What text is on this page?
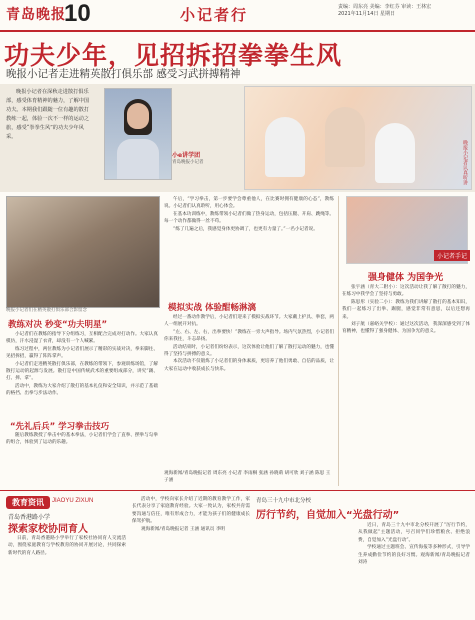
青岛晚报
10	小记者行	责编：周东亮 美编：李红芬 审读：王林宏
2021年11月14日 星期日
功夫少年，见招拆招拳拳生风
晚报小记者走进精英散打俱乐部 感受习武拼搏精神
晚报小记者在深秋走进散打俱乐部，感受体育精神的魅力，了解中国功夫。本期我们跟随一位有趣的散打教练一起，体验一次不一样的运动之旅，感受“拳拳生风”的功夫少年风采。
小e讲学团
青岛晚报小记者	晚报小记者认真听讲
晚报小记者们在精英散打俱乐部合影留念
教练对决 秒变“功夫明星”

小记者们在教练的指导下分组练习，互相配合完成对打动作。大家认真模仿，汗水浸湿了衣背，却没有一个人喊累。

练习过程中，两位教练为小记者们展示了精彩的实战对决，拳来脚往、见招拆招，赢得了阵阵掌声。

小记者们走进精英散打俱乐部，在教练的带领下，参观训练场馆，了解散打运动的起源与发展。散打是中国传统武术的重要组成部分，讲究“踢、打、摔、拿”。

活动中，教练为大家介绍了散打的基本礼仪和安全知识，并示范了基础的格挡、出拳与步法动作。

“先礼后兵” 学习拳击技巧

随后教练教授了拳击中的基本拳法，小记者们学会了直拳、摆拳与勾拳的组合，体验到了运动的乐趣。

午后，“学习拳击，第一步要学会尊重他人，在比赛时拥有健康的心态”，教练说。小记者们认真聆听，用心体会。

在基本功训练中，教练带领小记者们做了热身运动，包括压腿、开肩、跳绳等。每一个动作都做得一丝不苟。

“练了几遍之后，我感觉身体更协调了，也更有力量了。”一名小记者说。

模拟实战 体验酣畅淋漓

经过一番动作教学后，小记者们迎来了模拟实战环节。大家戴上护具、拳套，两人一组展开对抗。

“左、右、左、右，出拳要快！”教练在一旁大声指导。场内气氛热烈，小记者们你来我往，斗志昂扬。

活动结束时，小记者们纷纷表示，这次体验让他们了解了散打运动的魅力，也懂得了坚持与拼搏的意义。

本次活动不仅锻炼了小记者们的身体素质，更培养了他们勇敢、自信的品质，让大家在运动中收获成长与快乐。

观海新闻/青岛晚报记者 周东亮 小记者 李雨桐 张涵 孙晓萌 胡可欣 刘子涵 陈思 王子涵
小记者手记
强身健体 为国争光

张宇涵（青大二附小）：这次活动让我了解了散打的魅力，在练习中我学会了坚持与勇敢。

陈思彤（实验二小）：教练为我们讲解了散打的基本知识，我们一起练习了出拳、踢腿，感觉非常有意思，以后还想再来。

刘子航（嘉峪关学校）：通过这次活动，我深深感受到了体育精神，也懂得了强身健体、为国争光的意义。

教育资讯	JIAOYU ZIXUN
青岛香港路小学
探索家校协同育人

日前，青岛香港路小学举行了家校社协同育人交流活动，围绕家庭教育与学校教育的协同开展讨论，共同探索新时代的育人路径。

活动中，学校向家长介绍了近期的教育教学工作，家长代表分享了家庭教育经验。大家一致认为，家校共育需要沟通与信任，唯有形成合力，才能为孩子们的健康成长保驾护航。

观海新闻/青岛晚报记者 王涵 通讯员 李明

青岛三十九中市北分校
厉行节约，自觉加入“光盘行动”

近日，青岛三十九中市北分校开展了“厉行节约，从我做起”主题活动，号召同学们珍惜粮食、拒绝浪费，自觉加入“光盘行动”。

学校通过主题班会、宣传海报等多种形式，引导学生养成勤俭节约的良好习惯。观海新闻/青岛晚报记者 刘涛
